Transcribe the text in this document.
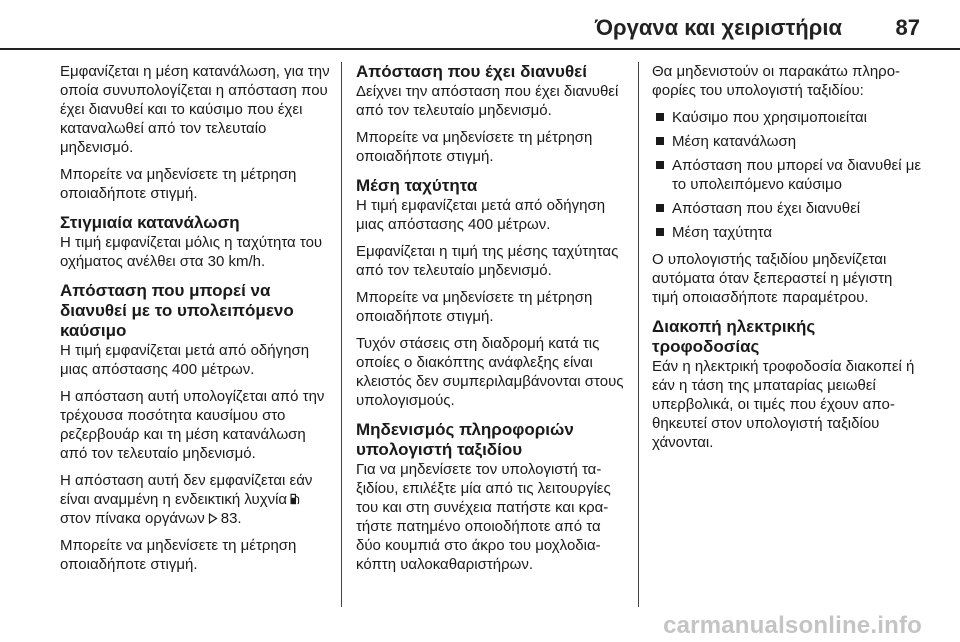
Όργανα και χειριστήρια 87

Εμφανίζεται η μέση κατανάλωση, για την οποία συνυπολογίζεται η απόσταση που έχει διανυθεί και το καύσιμο που έχει καταναλωθεί από τον τελευταίο μηδενισμό.

Μπορείτε να μηδενίσετε τη μέτρηση οποιαδήποτε στιγμή.

Στιγμιαία κατανάλωση

Η τιμή εμφανίζεται μόλις η ταχύτητα του οχήματος ανέλθει στα 30 km/h.

Απόσταση που μπορεί να διανυθεί με το υπολειπόμενο καύσιμο

Η τιμή εμφανίζεται μετά από οδήγηση μιας απόστασης 400 μέτρων.

Η απόσταση αυτή υπολογίζεται από την τρέχουσα ποσότητα καυσίμου στο ρεζερβουάρ και τη μέση κατανάλωση από τον τελευταίο μηδενισμό.

Η απόσταση αυτή δεν εμφανίζεται εάν είναι αναμμένη η ενδεικτική λυχνία
στον πίνακα οργάνων 83.

Μπορείτε να μηδενίσετε τη μέτρηση οποιαδήποτε στιγμή.

Απόσταση που έχει διανυθεί

Δείχνει την απόσταση που έχει διανυθεί από τον τελευταίο μηδενισμό.

Μπορείτε να μηδενίσετε τη μέτρηση οποιαδήποτε στιγμή.

Μέση ταχύτητα

Η τιμή εμφανίζεται μετά από οδήγηση μιας απόστασης 400 μέτρων.

Εμφανίζεται η τιμή της μέσης ταχύτητας από τον τελευταίο μηδενισμό.

Μπορείτε να μηδενίσετε τη μέτρηση οποιαδήποτε στιγμή.

Τυχόν στάσεις στη διαδρομή κατά τις οποίες ο διακόπτης ανάφλεξης είναι κλειστός δεν συμπεριλαμβάνονται στους υπολογισμούς.

Μηδενισμός πληροφοριών υπολογιστή ταξιδίου

Για να μηδενίσετε τον υπολογιστή ταξιδίου, επιλέξτε μία από τις λειτουργίες του και στη συνέχεια πατήστε και κρατήστε πατημένο οποιοδήποτε από τα δύο κουμπιά στο άκρο του μοχλοδιακόπτη υαλοκαθαριστήρων.

Θα μηδενιστούν οι παρακάτω πληροφορίες του υπολογιστή ταξιδίου:

Καύσιμο που χρησιμοποιείται
Μέση κατανάλωση
Απόσταση που μπορεί να διανυθεί με το υπολειπόμενο καύσιμο
Απόσταση που έχει διανυθεί
Μέση ταχύτητα

Ο υπολογιστής ταξιδίου μηδενίζεται αυτόματα όταν ξεπεραστεί η μέγιστη τιμή οποιασδήποτε παραμέτρου.

Διακοπή ηλεκτρικής τροφοδοσίας

Εάν η ηλεκτρική τροφοδοσία διακοπεί ή εάν η τάση της μπαταρίας μειωθεί υπερβολικά, οι τιμές που έχουν αποθηκευτεί στον υπολογιστή ταξιδίου χάνονται.

carmanualsonline.info
